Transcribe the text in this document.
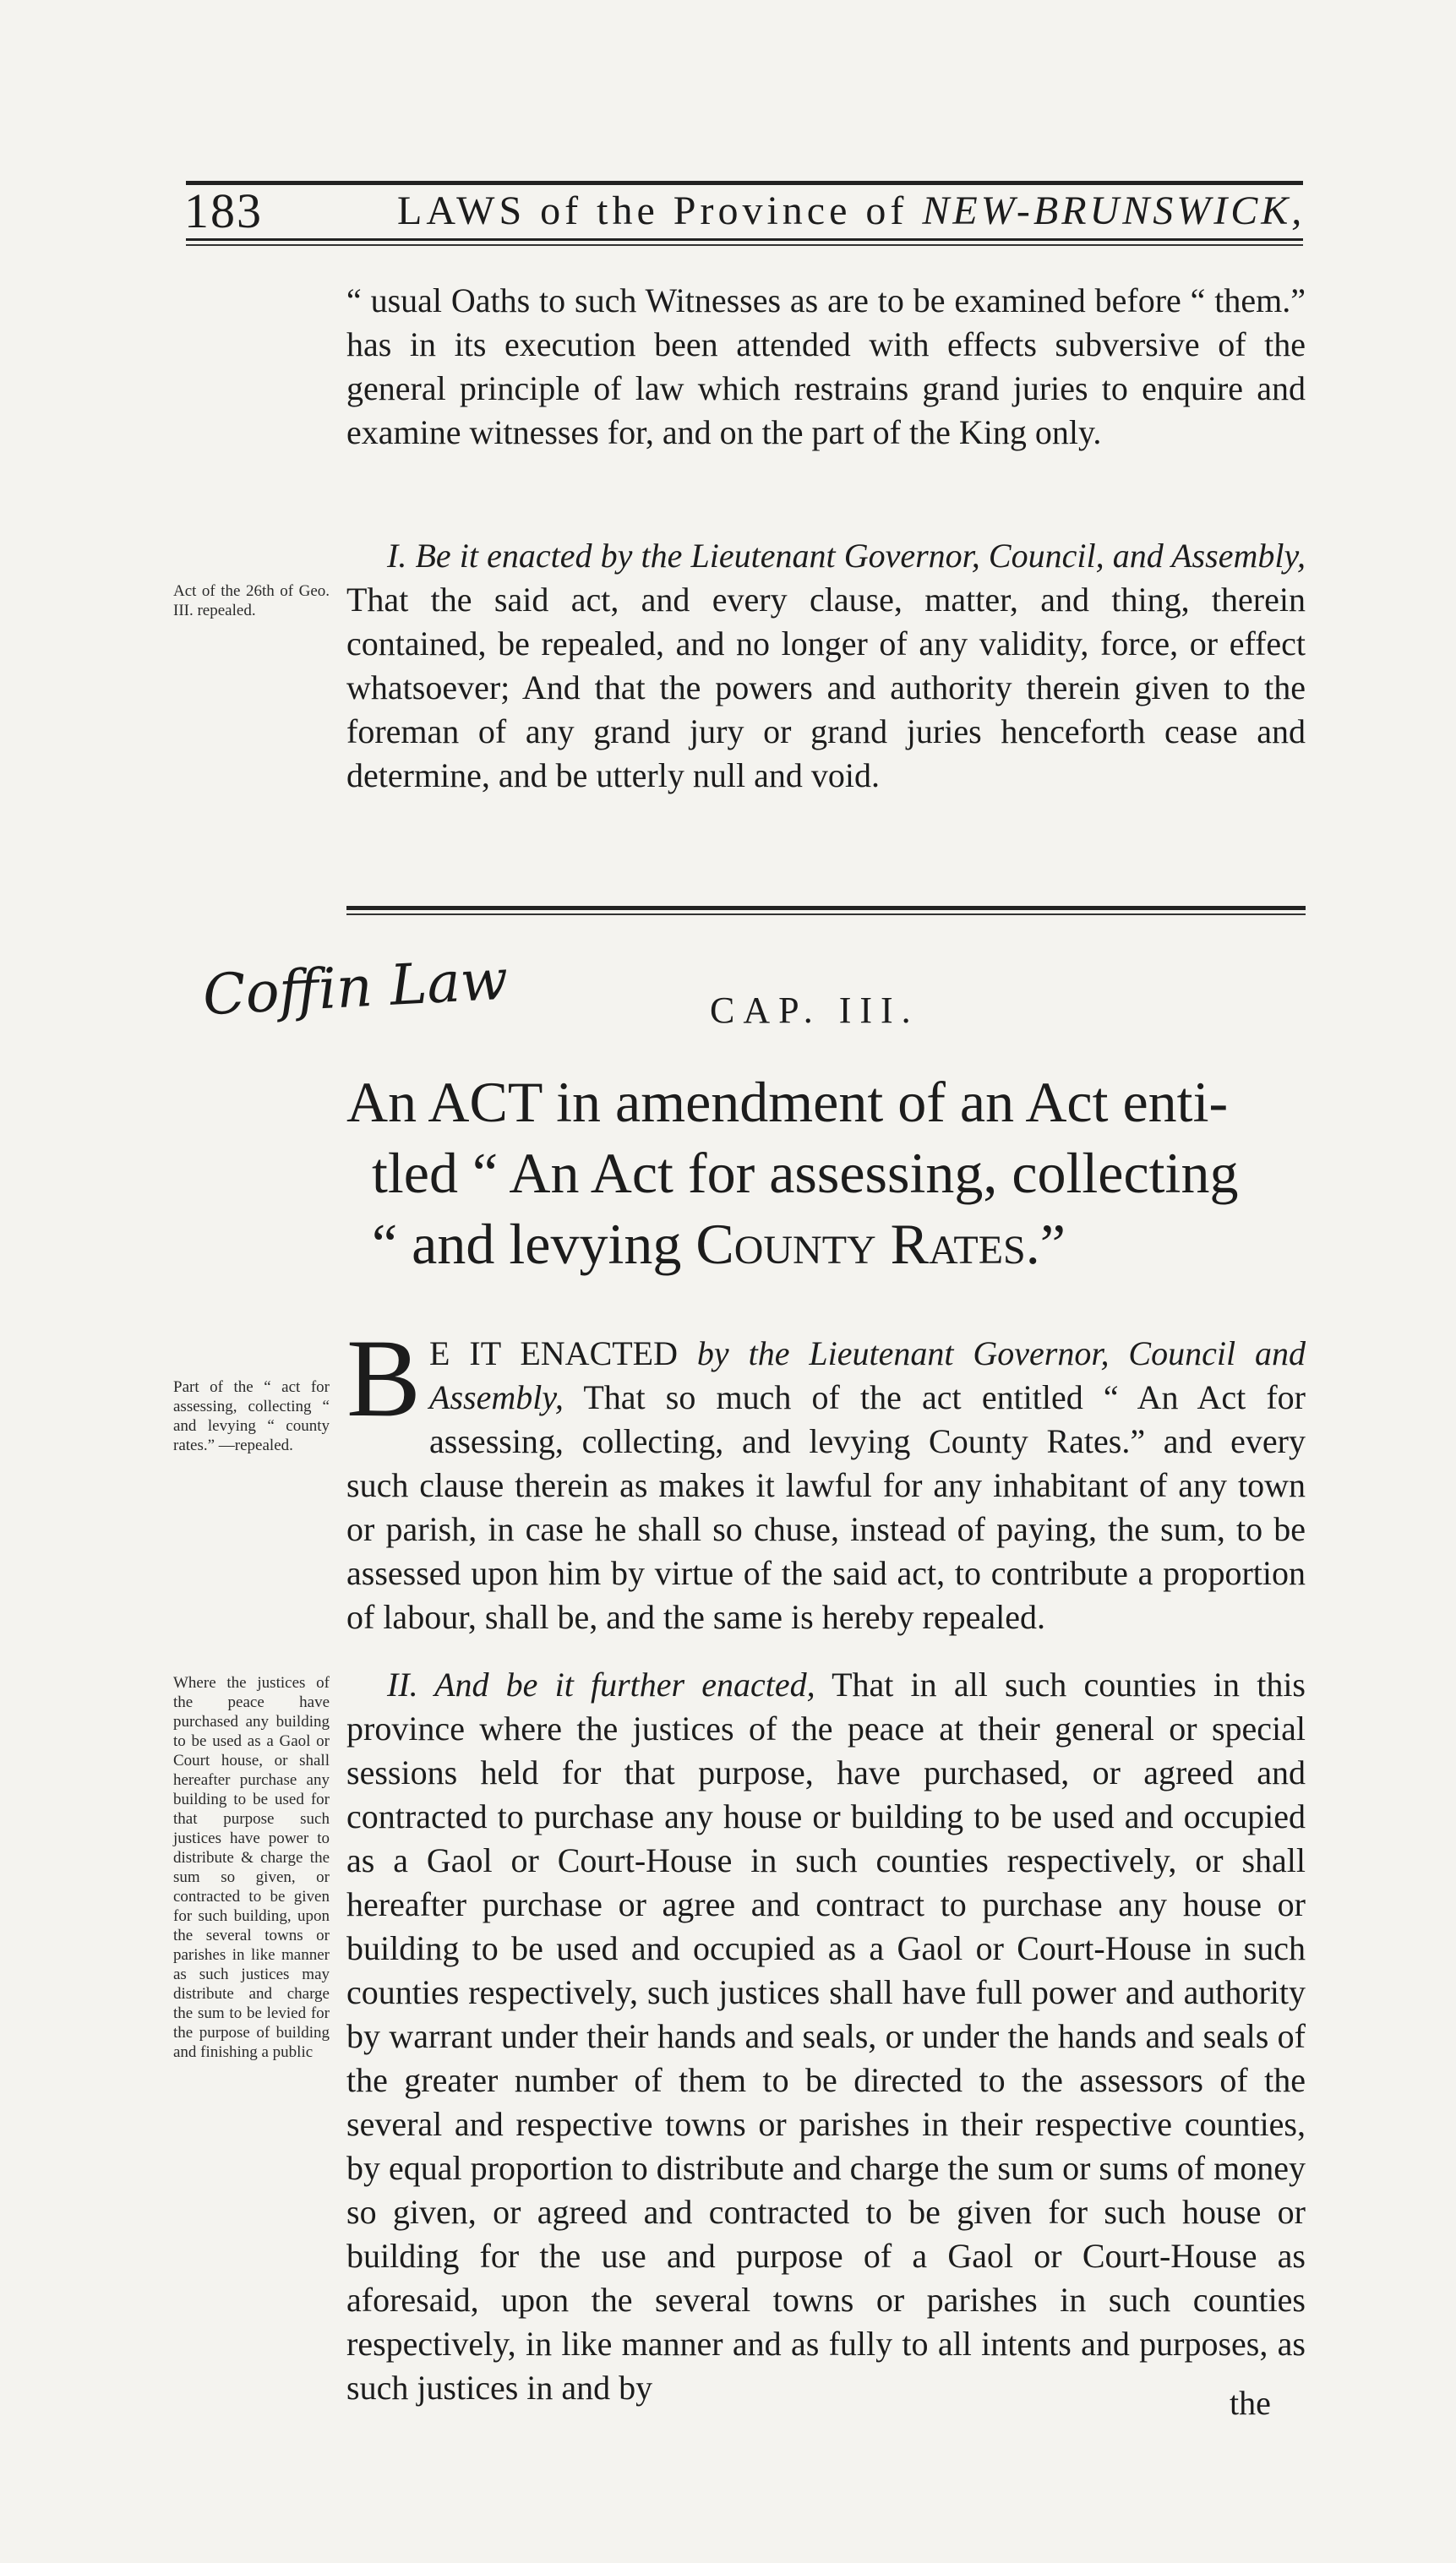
183	LAWS of the Province of NEW-BRUNSWICK,

“ usual Oaths to such Witnesses as are to be examined before “ them.” has in its execution been attended with effects subversive of the general principle of law which restrains grand juries to enquire and examine witnesses for, and on the part of the King only.

Act of the 26th of Geo. III. repealed.

I. Be it enacted by the Lieutenant Governor, Council, and Assembly, That the said act, and every clause, matter, and thing, therein contained, be repealed, and no longer of any validity, force, or effect whatsoever; And that the powers and authority therein given to the foreman of any grand jury or grand juries henceforth cease and determine, and be utterly null and void.

Coffin Law	CAP. III.
An ACT in amendment of an Act enti-
tled “ An Act for assessing, collecting
“ and levying County Rates.”
Part of the “ act for assessing, collecting “ and levying “ county rates.” —repealed.

B E IT ENACTED by the Lieutenant Governor, Council and Assembly, That so much of the act entitled “ An Act for assessing, collecting, and levying County Rates.” and every such clause therein as makes it lawful for any inhabitant of any town or parish, in case he shall so chuse, instead of paying, the sum, to be assessed upon him by virtue of the said act, to contribute a proportion of labour, shall be, and the same is hereby repealed.

Where the justices of the peace have purchased any building to be used as a Gaol or Court house, or shall hereafter purchase any building to be used for that purpose such justices have power to distribute & charge the sum so given, or contracted to be given for such building, upon the several towns or parishes in like manner as such justices may distribute and charge the sum to be levied for the purpose of building and finishing a public

II. And be it further enacted, That in all such counties in this province where the justices of the peace at their general or special sessions held for that purpose, have purchased, or agreed and contracted to purchase any house or building to be used and occupied as a Gaol or Court-House in such counties respectively, or shall hereafter purchase or agree and contract to purchase any house or building to be used and occupied as a Gaol or Court-House in such counties respectively, such justices shall have full power and authority by warrant under their hands and seals, or under the hands and seals of the greater number of them to be directed to the assessors of the several and respective towns or parishes in their respective counties, by equal proportion to distribute and charge the sum or sums of money so given, or agreed and contracted to be given for such house or building for the use and purpose of a Gaol or Court-House as aforesaid, upon the several towns or parishes in such counties respectively, in like manner and as fully to all intents and purposes, as such justices in and by	the
